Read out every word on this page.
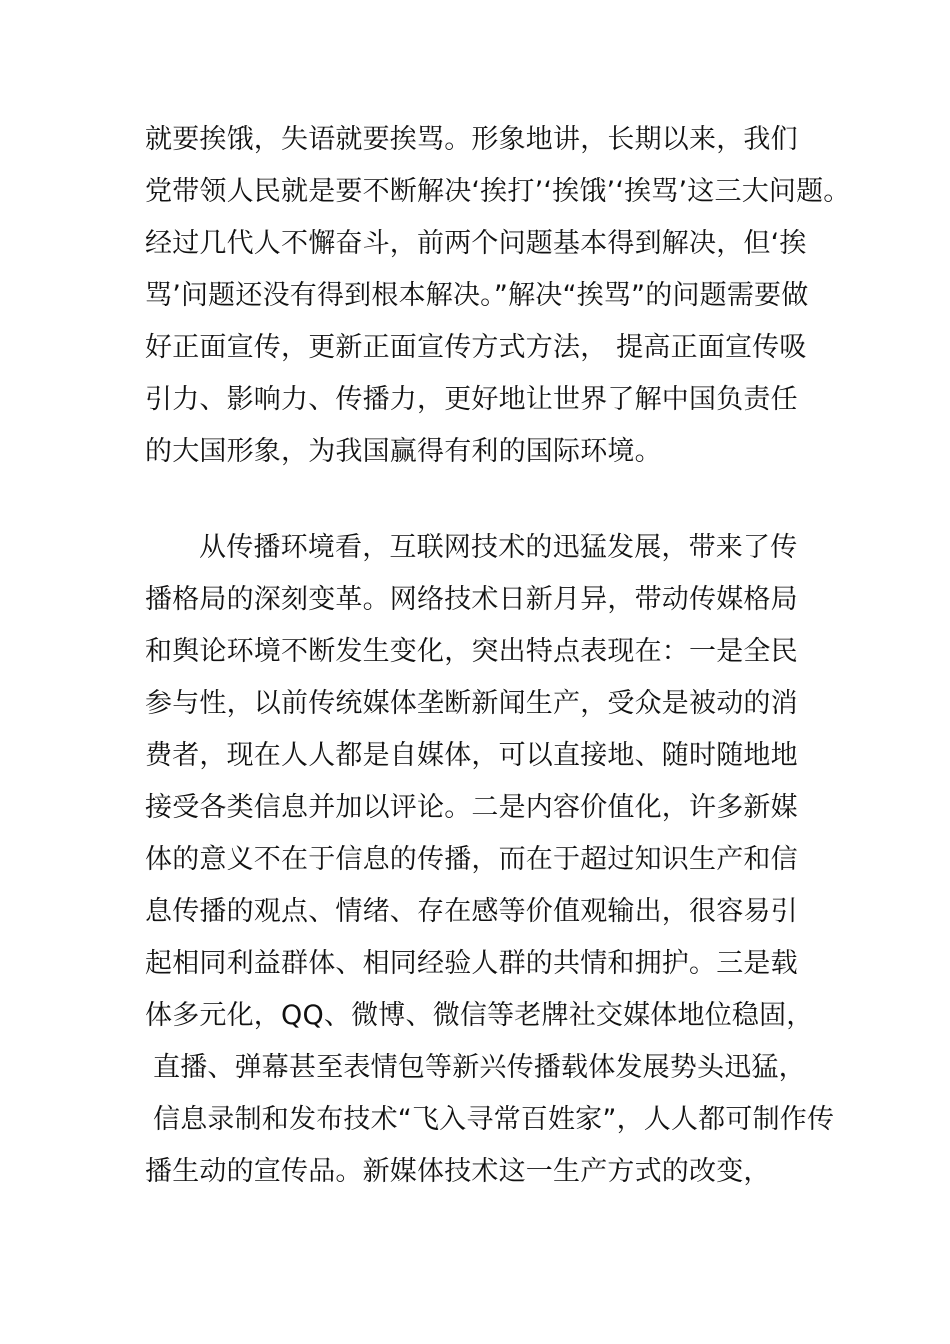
就要挨饿，失语就要挨骂。形象地讲，长期以来，我们
党带领人民就是要不断解决‘挨打’‘挨饿’‘挨骂’这三大问题。
经过几代人不懈奋斗，前两个问题基本得到解决，但‘挨
骂’问题还没有得到根本解决。”解决“挨骂”的问题需要做
好正面宣传，更新正面宣传方式方法， 提高正面宣传吸
引力、影响力、传播力，更好地让世界了解中国负责任
的大国形象，为我国赢得有利的国际环境。
从传播环境看，互联网技术的迅猛发展，带来了传
播格局的深刻变革。网络技术日新月异，带动传媒格局
和舆论环境不断发生变化，突出特点表现在：一是全民
参与性，以前传统媒体垄断新闻生产，受众是被动的消
费者，现在人人都是自媒体，可以直接地、随时随地地
接受各类信息并加以评论。二是内容价值化，许多新媒
体的意义不在于信息的传播，而在于超过知识生产和信
息传播的观点、情绪、存在感等价值观输出，很容易引
起相同利益群体、相同经验人群的共情和拥护。三是载
体多元化，QQ、微博、微信等老牌社交媒体地位稳固，
直播、弹幕甚至表情包等新兴传播载体发展势头迅猛，
信息录制和发布技术“飞入寻常百姓家”，人人都可制作传
播生动的宣传品。新媒体技术这一生产方式的改变，
